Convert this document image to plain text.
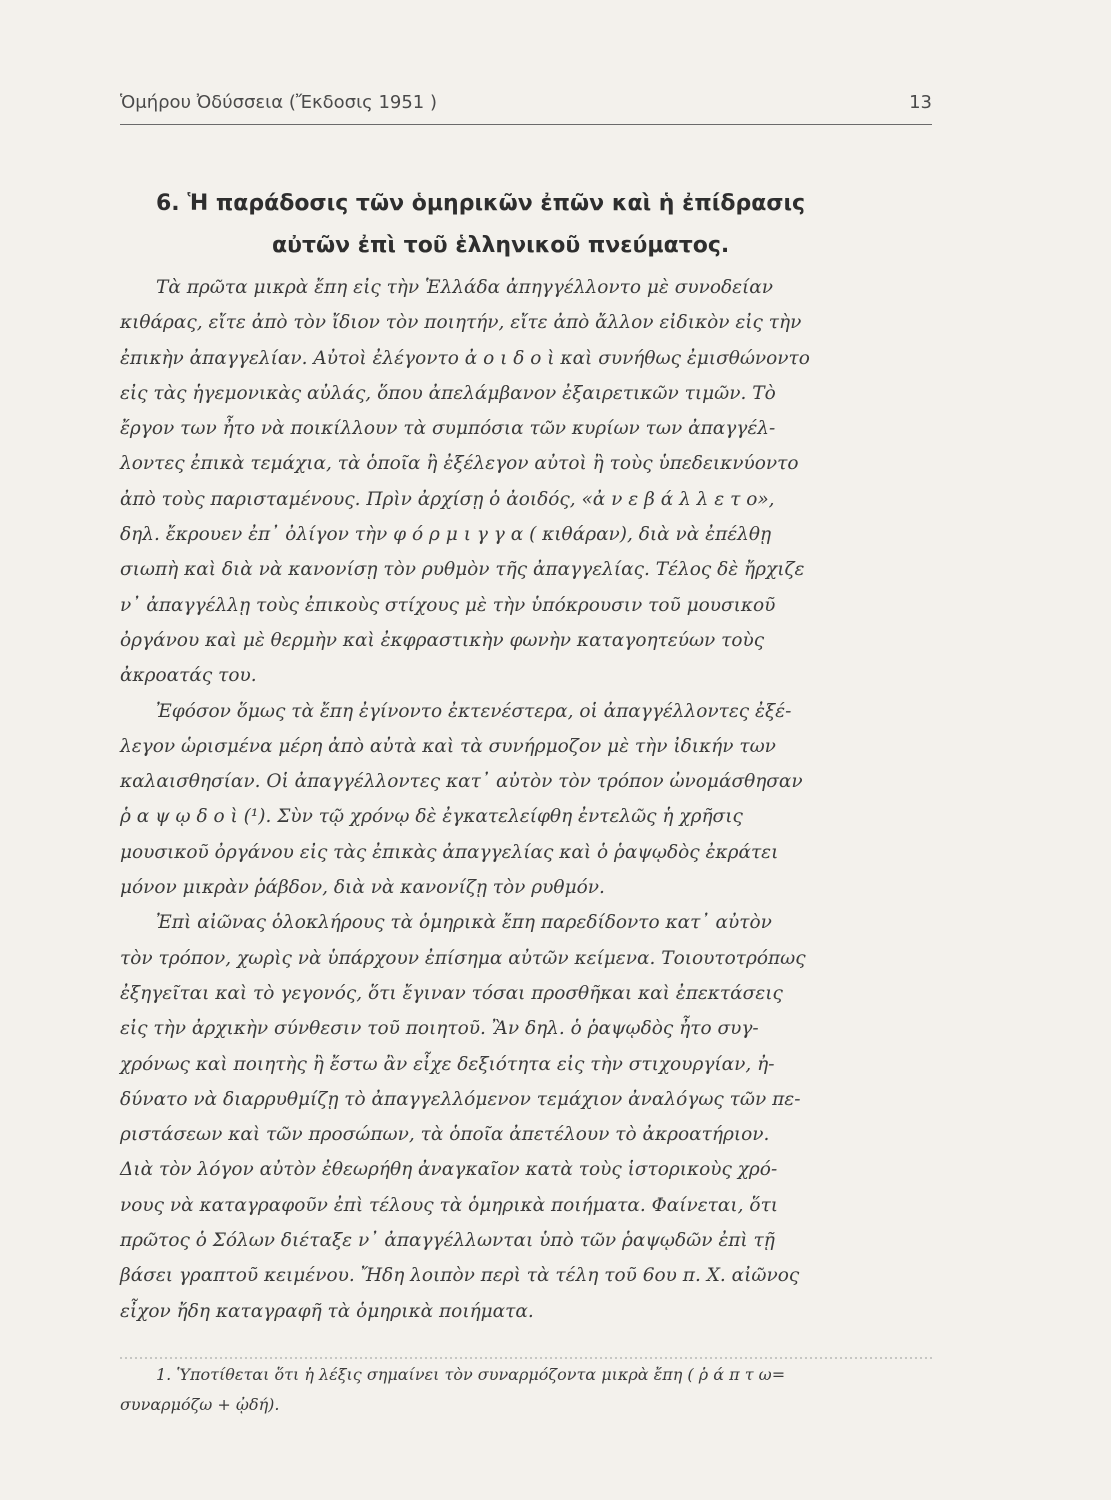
Ὁμήρου Ὀδύσσεια (Ἔκδοσις 1951 )	13
6. Ἡ παράδοσις τῶν ὁμηρικῶν ἐπῶν καὶ ἡ ἐπίδρασις
αὐτῶν ἐπὶ τοῦ ἑλληνικοῦ πνεύματος.
Τὰ πρῶτα μικρὰ ἔπη εἰς τὴν Ἑλλάδα ἀπηγγέλλοντο μὲ συνοδείαν
κιθάρας, εἴτε ἀπὸ τὸν ἴδιον τὸν ποιητήν, εἴτε ἀπὸ ἄλλον εἰδικὸν εἰς τὴν
ἐπικὴν ἀπαγγελίαν. Αὐτοὶ ἐλέγοντο ἀ ο ι δ ο ὶ καὶ συνήθως ἐμισθώνοντο
εἰς τὰς ἡγεμονικὰς αὐλάς, ὅπου ἀπελάμβανον ἐξαιρετικῶν τιμῶν. Τὸ
ἔργον των ἦτο νὰ ποικίλλουν τὰ συμπόσια τῶν κυρίων των ἀπαγγέλ-
λοντες ἐπικὰ τεμάχια, τὰ ὁποῖα ἢ ἐξέλεγον αὐτοὶ ἢ τοὺς ὑπεδεικνύοντο
ἀπὸ τοὺς παρισταμένους. Πρὶν ἀρχίσῃ ὁ ἀοιδός, «ἀ ν ε β ά λ λ ε τ ο»,
δηλ. ἔκρουεν ἐπ᾽ ὀλίγον τὴν φ ό ρ μ ι γ γ α ( κιθάραν), διὰ νὰ ἐπέλθῃ
σιωπὴ καὶ διὰ νὰ κανονίσῃ τὸν ρυθμὸν τῆς ἀπαγγελίας. Τέλος δὲ ἤρχιζε
ν᾽ ἀπαγγέλλῃ τοὺς ἐπικοὺς στίχους μὲ τὴν ὑπόκρουσιν τοῦ μουσικοῦ
ὀργάνου καὶ μὲ θερμὴν καὶ ἐκφραστικὴν φωνὴν καταγοητεύων τοὺς
ἀκροατάς του.
Ἐφόσον ὅμως τὰ ἔπη ἐγίνοντο ἐκτενέστερα, οἱ ἀπαγγέλλοντες ἐξέ-
λεγον ὡρισμένα μέρη ἀπὸ αὐτὰ καὶ τὰ συνήρμοζον μὲ τὴν ἰδικήν των
καλαισθησίαν. Οἱ ἀπαγγέλλοντες κατ᾽ αὐτὸν τὸν τρόπον ὠνομάσθησαν
ῥ α ψ ῳ δ ο ὶ (¹). Σὺν τῷ χρόνῳ δὲ ἐγκατελείφθη ἐντελῶς ἡ χρῆσις
μουσικοῦ ὀργάνου εἰς τὰς ἐπικὰς ἀπαγγελίας καὶ ὁ ῥαψῳδὸς ἐκράτει
μόνον μικρὰν ῥάβδον, διὰ νὰ κανονίζῃ τὸν ρυθμόν.
Ἐπὶ αἰῶνας ὁλοκλήρους τὰ ὁμηρικὰ ἔπη παρεδίδοντο κατ᾽ αὐτὸν
τὸν τρόπον, χωρὶς νὰ ὑπάρχουν ἐπίσημα αὐτῶν κείμενα. Τοιουτοτρόπως
ἐξηγεῖται καὶ τὸ γεγονός, ὅτι ἔγιναν τόσαι προσθῆκαι καὶ ἐπεκτάσεις
εἰς τὴν ἀρχικὴν σύνθεσιν τοῦ ποιητοῦ. Ἂν δηλ. ὁ ῥαψῳδὸς ἦτο συγ-
χρόνως καὶ ποιητὴς ἢ ἔστω ἂν εἶχε δεξιότητα εἰς τὴν στιχουργίαν, ἠ-
δύνατο νὰ διαρρυθμίζῃ τὸ ἀπαγγελλόμενον τεμάχιον ἀναλόγως τῶν πε-
ριστάσεων καὶ τῶν προσώπων, τὰ ὁποῖα ἀπετέλουν τὸ ἀκροατήριον.
Διὰ τὸν λόγον αὐτὸν ἐθεωρήθη ἀναγκαῖον κατὰ τοὺς ἱστορικοὺς χρό-
νους νὰ καταγραφοῦν ἐπὶ τέλους τὰ ὁμηρικὰ ποιήματα. Φαίνεται, ὅτι
πρῶτος ὁ Σόλων διέταξε ν᾽ ἀπαγγέλλωνται ὑπὸ τῶν ῥαψῳδῶν ἐπὶ τῇ
βάσει γραπτοῦ κειμένου. Ἤδη λοιπὸν περὶ τὰ τέλη τοῦ 6ου π. Χ. αἰῶνος
εἶχον ἤδη καταγραφῆ τὰ ὁμηρικὰ ποιήματα.
1. Ὑποτίθεται ὅτι ἡ λέξις σημαίνει τὸν συναρμόζοντα μικρὰ ἔπη ( ῥ ά π τ ω=
συναρμόζω + ᾠδή).
